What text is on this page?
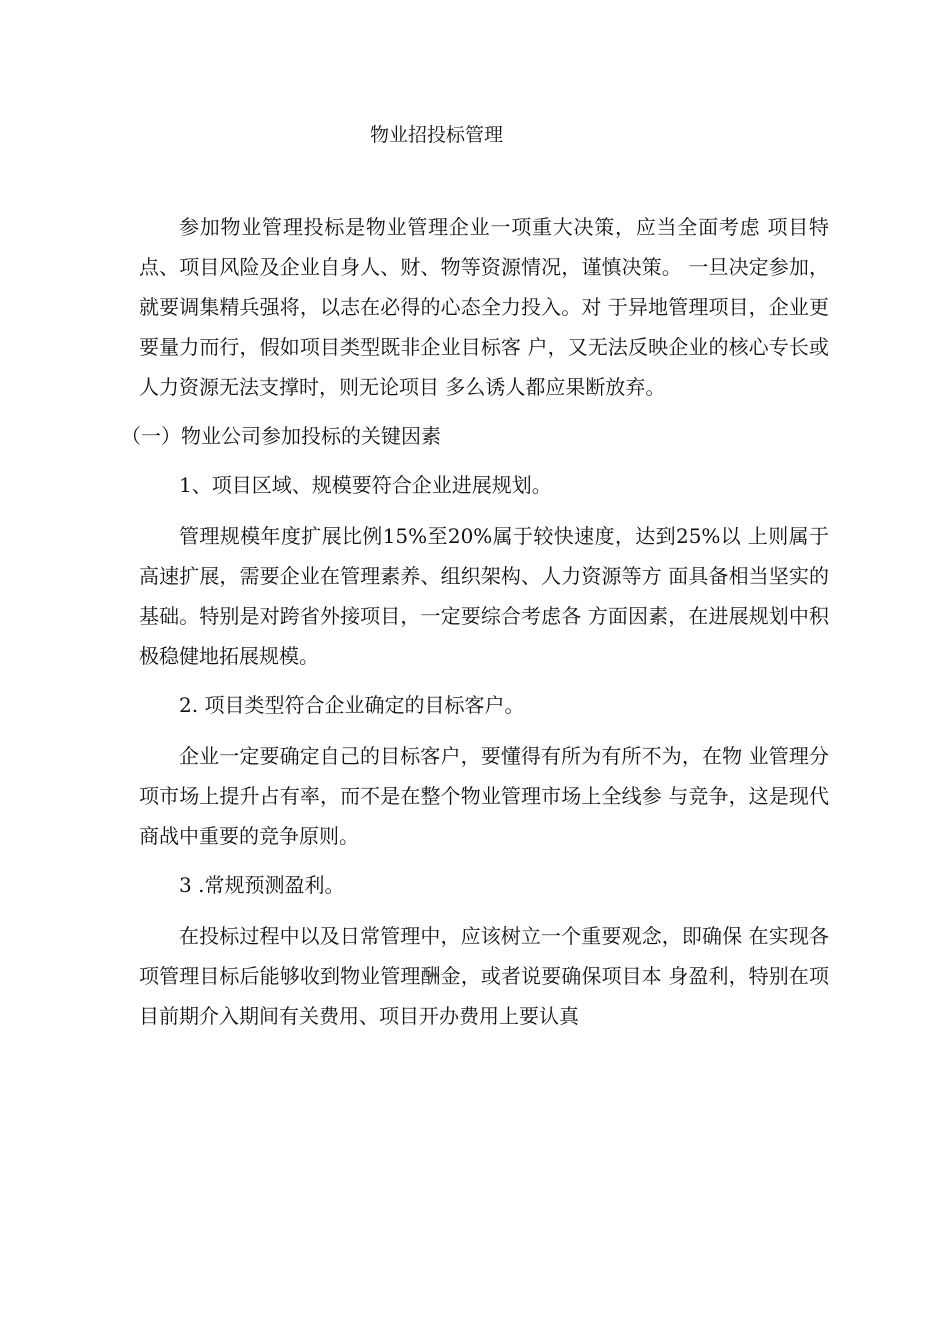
物业招投标管理

参加物业管理投标是物业管理企业一项重大决策，应当全面考虑 项目特点、项目风险及企业自身人、财、物等资源情况，谨慎决策。 一旦决定参加，就要调集精兵强将，以志在必得的心态全力投入。对 于异地管理项目，企业更要量力而行，假如项目类型既非企业目标客 户，又无法反映企业的核心专长或人力资源无法支撑时，则无论项目 多么诱人都应果断放弃。

（一）物业公司参加投标的关键因素

1、项目区域、规模要符合企业进展规划。

管理规模年度扩展比例15%至20%属于较快速度，达到25%以 上则属于高速扩展，需要企业在管理素养、组织架构、人力资源等方 面具备相当坚实的基础。特别是对跨省外接项目，一定要综合考虑各 方面因素，在进展规划中积极稳健地拓展规模。

2. 项目类型符合企业确定的目标客户。

企业一定要确定自己的目标客户，要懂得有所为有所不为，在物 业管理分项市场上提升占有率，而不是在整个物业管理市场上全线参 与竞争，这是现代商战中重要的竞争原则。

3 .常规预测盈利。

在投标过程中以及日常管理中，应该树立一个重要观念，即确保 在实现各项管理目标后能够收到物业管理酬金，或者说要确保项目本 身盈利，特别在项目前期介入期间有关费用、项目开办费用上要认真
